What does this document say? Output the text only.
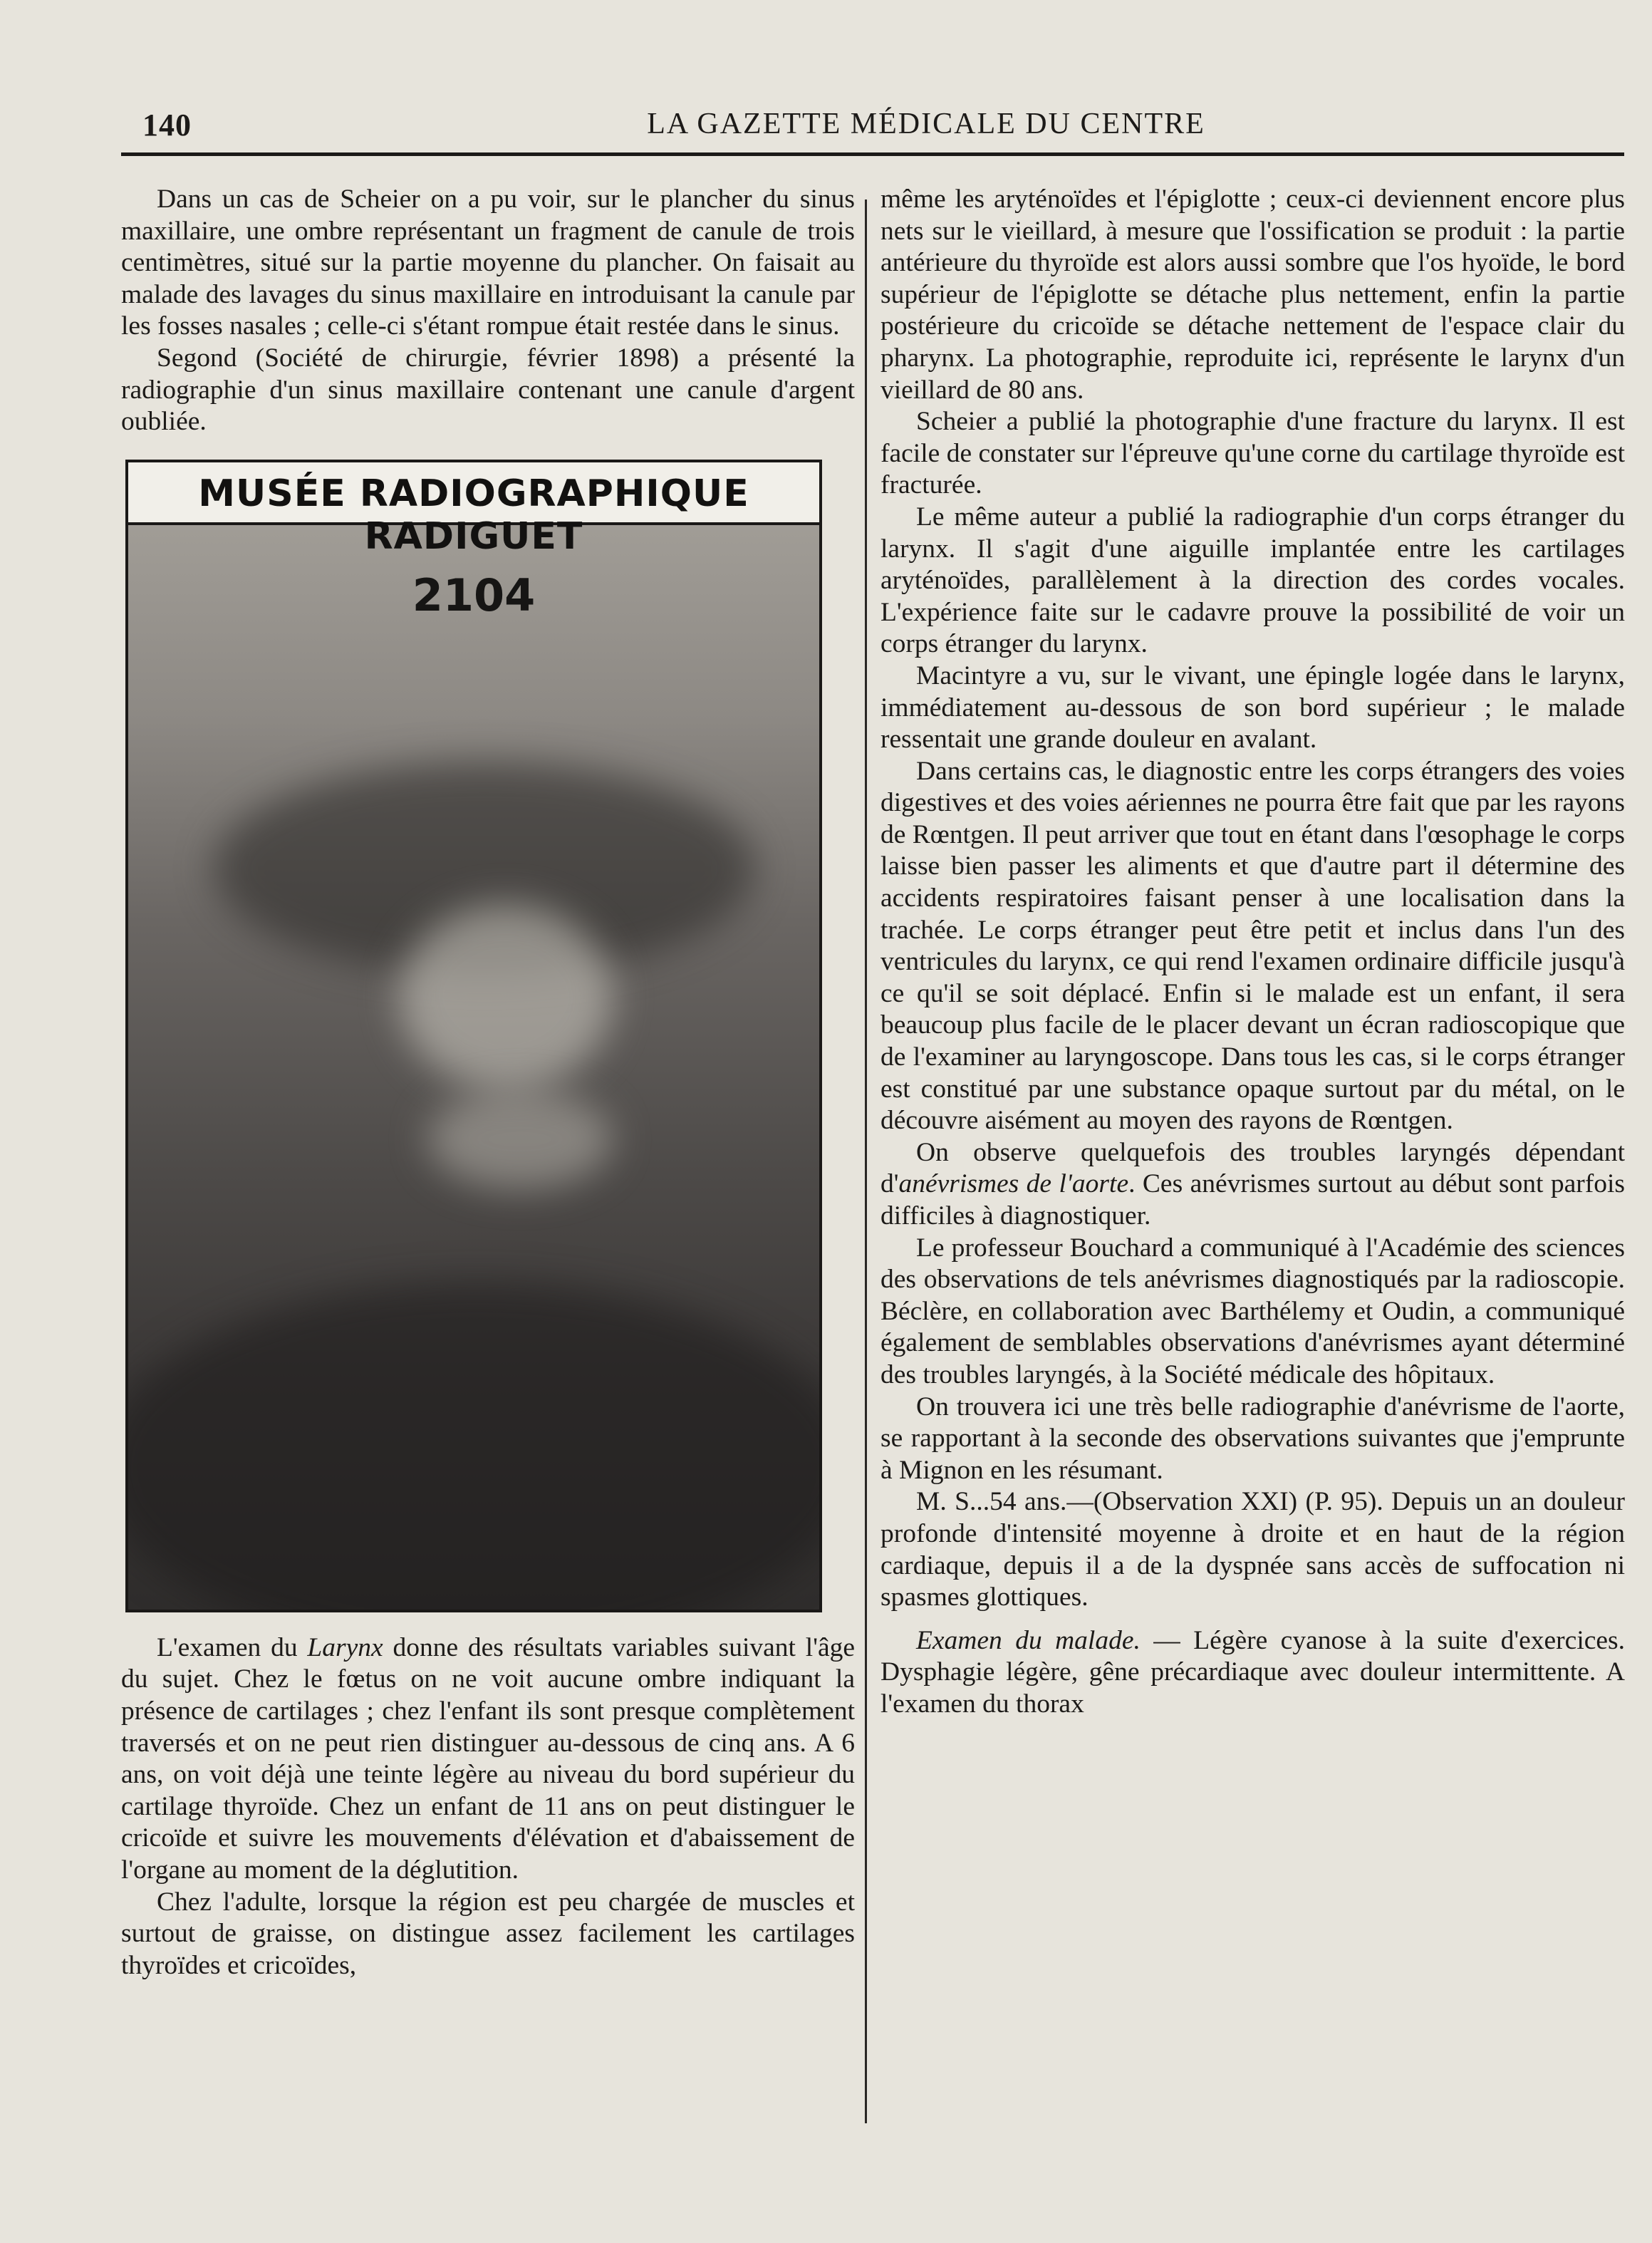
140	LA GAZETTE MÉDICALE DU CENTRE

Dans un cas de Scheier on a pu voir, sur le plancher du sinus maxillaire, une ombre représentant un fragment de canule de trois centimètres, situé sur la partie moyenne du plancher. On faisait au malade des lavages du sinus maxillaire en introduisant la canule par les fosses nasales ; celle-ci s'étant rompue était restée dans le sinus.

Segond (Société de chirurgie, février 1898) a présenté la radiographie d'un sinus maxillaire contenant une canule d'argent oubliée.

MUSÉE RADIOGRAPHIQUE RADIGUET
2104

L'examen du Larynx donne des résultats variables suivant l'âge du sujet. Chez le fœtus on ne voit aucune ombre indiquant la présence de cartilages ; chez l'enfant ils sont presque complètement traversés et on ne peut rien distinguer au-dessous de cinq ans. A 6 ans, on voit déjà une teinte légère au niveau du bord supérieur du cartilage thyroïde. Chez un enfant de 11 ans on peut distinguer le cricoïde et suivre les mouvements d'élévation et d'abaissement de l'organe au moment de la déglutition.

Chez l'adulte, lorsque la région est peu chargée de muscles et surtout de graisse, on distingue assez facilement les cartilages thyroïdes et cricoïdes,

même les aryténoïdes et l'épiglotte ; ceux-ci deviennent encore plus nets sur le vieillard, à mesure que l'ossification se produit : la partie antérieure du thyroïde est alors aussi sombre que l'os hyoïde, le bord supérieur de l'épiglotte se détache plus nettement, enfin la partie postérieure du cricoïde se détache nettement de l'espace clair du pharynx. La photographie, reproduite ici, représente le larynx d'un vieillard de 80 ans.

Scheier a publié la photographie d'une fracture du larynx. Il est facile de constater sur l'épreuve qu'une corne du cartilage thyroïde est fracturée.

Le même auteur a publié la radiographie d'un corps étranger du larynx. Il s'agit d'une aiguille implantée entre les cartilages aryténoïdes, parallèlement à la direction des cordes vocales. L'expérience faite sur le cadavre prouve la possibilité de voir un corps étranger du larynx.

Macintyre a vu, sur le vivant, une épingle logée dans le larynx, immédiatement au-dessous de son bord supérieur ; le malade ressentait une grande douleur en avalant.

Dans certains cas, le diagnostic entre les corps étrangers des voies digestives et des voies aériennes ne pourra être fait que par les rayons de Rœntgen. Il peut arriver que tout en étant dans l'œsophage le corps laisse bien passer les aliments et que d'autre part il détermine des accidents respiratoires faisant penser à une localisation dans la trachée. Le corps étranger peut être petit et inclus dans l'un des ventricules du larynx, ce qui rend l'examen ordinaire difficile jusqu'à ce qu'il se soit déplacé. Enfin si le malade est un enfant, il sera beaucoup plus facile de le placer devant un écran radioscopique que de l'examiner au laryngoscope. Dans tous les cas, si le corps étranger est constitué par une substance opaque surtout par du métal, on le découvre aisément au moyen des rayons de Rœntgen.

On observe quelquefois des troubles laryngés dépendant d'anévrismes de l'aorte. Ces anévrismes surtout au début sont parfois difficiles à diagnostiquer.

Le professeur Bouchard a communiqué à l'Académie des sciences des observations de tels anévrismes diagnostiqués par la radioscopie. Béclère, en collaboration avec Barthélemy et Oudin, a communiqué également de semblables observations d'anévrismes ayant déterminé des troubles laryngés, à la Société médicale des hôpitaux.

On trouvera ici une très belle radiographie d'anévrisme de l'aorte, se rapportant à la seconde des observations suivantes que j'emprunte à Mignon en les résumant.

M. S...54 ans.—(Observation XXI) (P. 95). Depuis un an douleur profonde d'intensité moyenne à droite et en haut de la région cardiaque, depuis il a de la dyspnée sans accès de suffocation ni spasmes glottiques.

Examen du malade. — Légère cyanose à la suite d'exercices. Dysphagie légère, gêne précardiaque avec douleur intermittente. A l'examen du thorax
